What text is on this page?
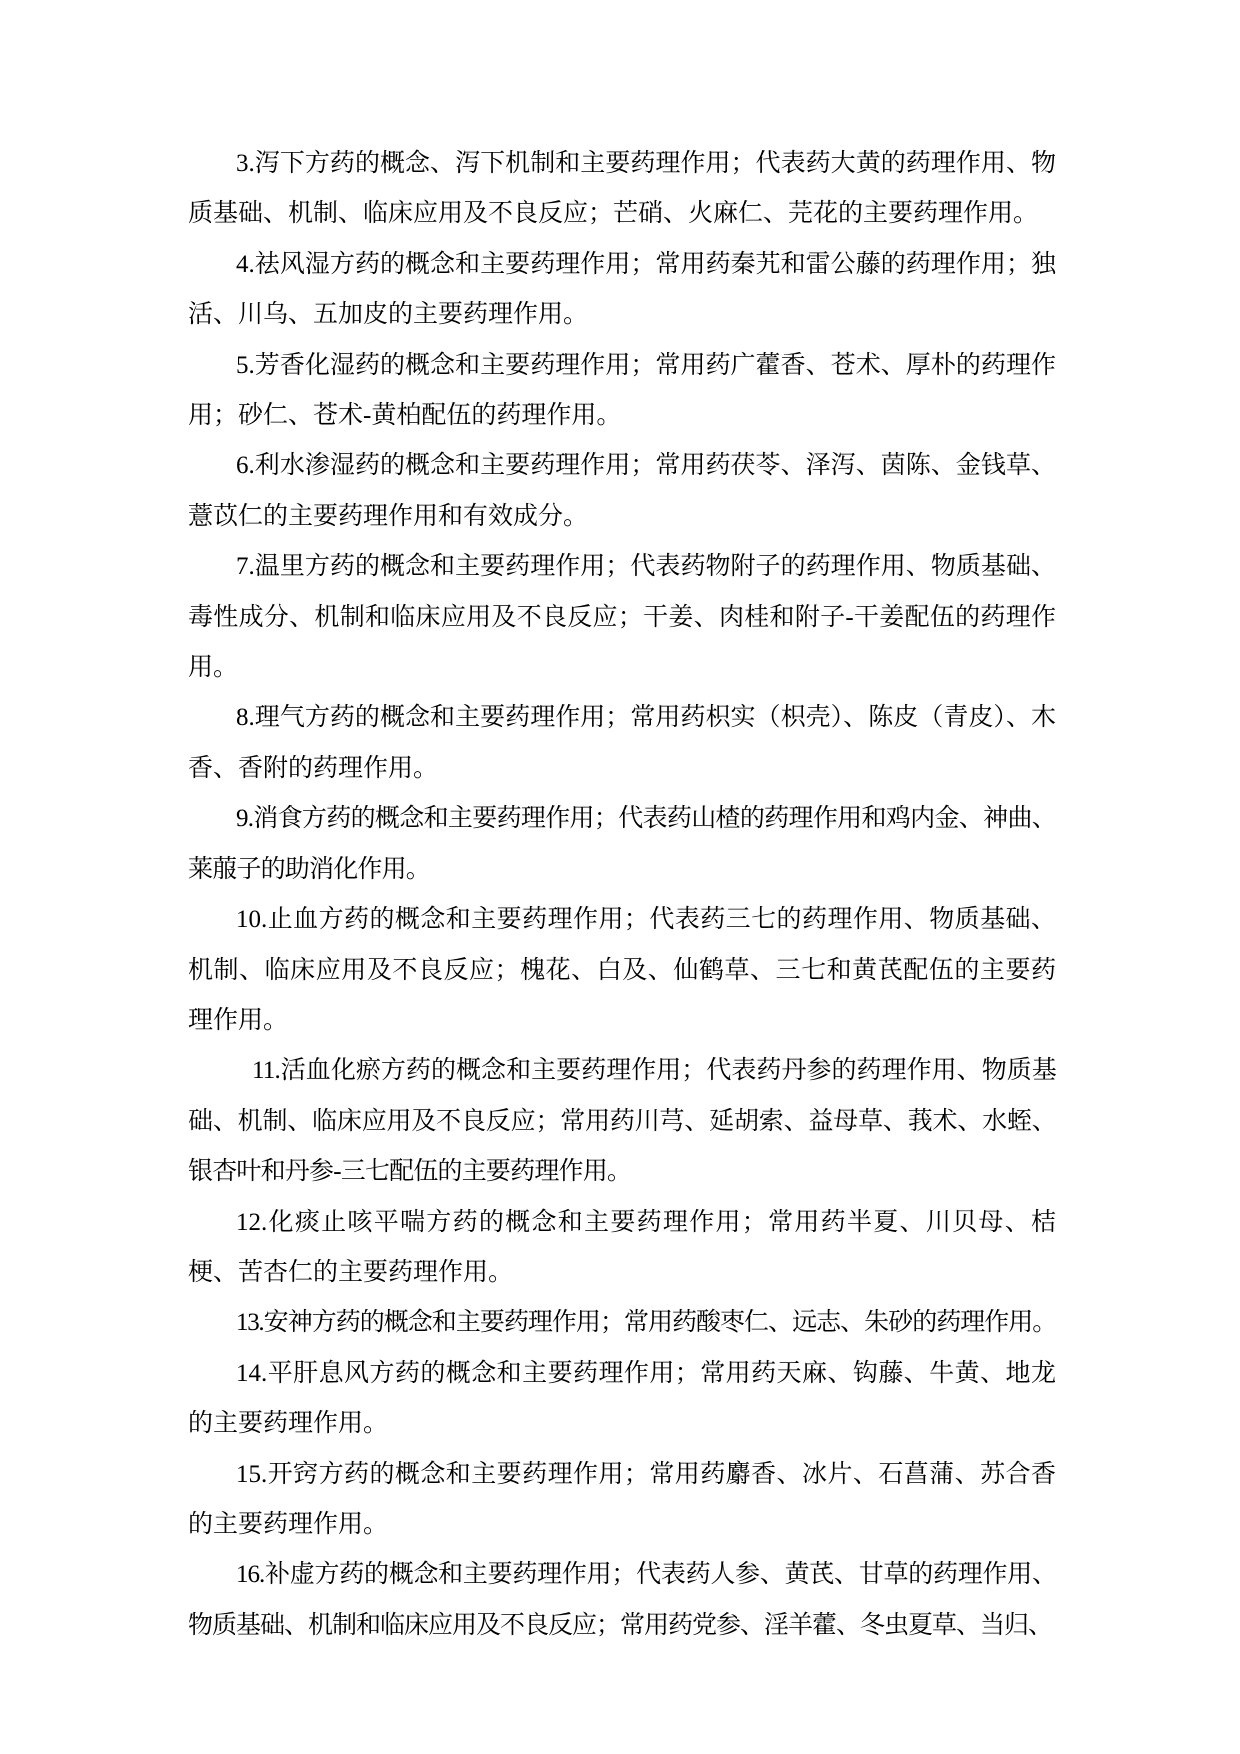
3.泻下方药的概念、泻下机制和主要药理作用；代表药大黄的药理作用、物质基础、机制、临床应用及不良反应；芒硝、火麻仁、芫花的主要药理作用。

4.祛风湿方药的概念和主要药理作用；常用药秦艽和雷公藤的药理作用；独活、川乌、五加皮的主要药理作用。

5.芳香化湿药的概念和主要药理作用；常用药广藿香、苍术、厚朴的药理作用；砂仁、苍术-黄柏配伍的药理作用。

6.利水渗湿药的概念和主要药理作用；常用药茯苓、泽泻、茵陈、金钱草、薏苡仁的主要药理作用和有效成分。

7.温里方药的概念和主要药理作用；代表药物附子的药理作用、物质基础、毒性成分、机制和临床应用及不良反应；干姜、肉桂和附子-干姜配伍的药理作用。

8.理气方药的概念和主要药理作用；常用药枳实（枳壳）、陈皮（青皮）、木香、香附的药理作用。

9.消食方药的概念和主要药理作用；代表药山楂的药理作用和鸡内金、神曲、莱菔子的助消化作用。

10.止血方药的概念和主要药理作用；代表药三七的药理作用、物质基础、机制、临床应用及不良反应；槐花、白及、仙鹤草、三七和黄芪配伍的主要药理作用。

11.活血化瘀方药的概念和主要药理作用；代表药丹参的药理作用、物质基础、机制、临床应用及不良反应；常用药川芎、延胡索、益母草、莪术、水蛭、银杏叶和丹参-三七配伍的主要药理作用。

12.化痰止咳平喘方药的概念和主要药理作用；常用药半夏、川贝母、桔梗、苦杏仁的主要药理作用。

13.安神方药的概念和主要药理作用；常用药酸枣仁、远志、朱砂的药理作用。

14.平肝息风方药的概念和主要药理作用；常用药天麻、钩藤、牛黄、地龙的主要药理作用。

15.开窍方药的概念和主要药理作用；常用药麝香、冰片、石菖蒲、苏合香的主要药理作用。

16.补虚方药的概念和主要药理作用；代表药人参、黄芪、甘草的药理作用、物质基础、机制和临床应用及不良反应；常用药党参、淫羊藿、冬虫夏草、当归、
